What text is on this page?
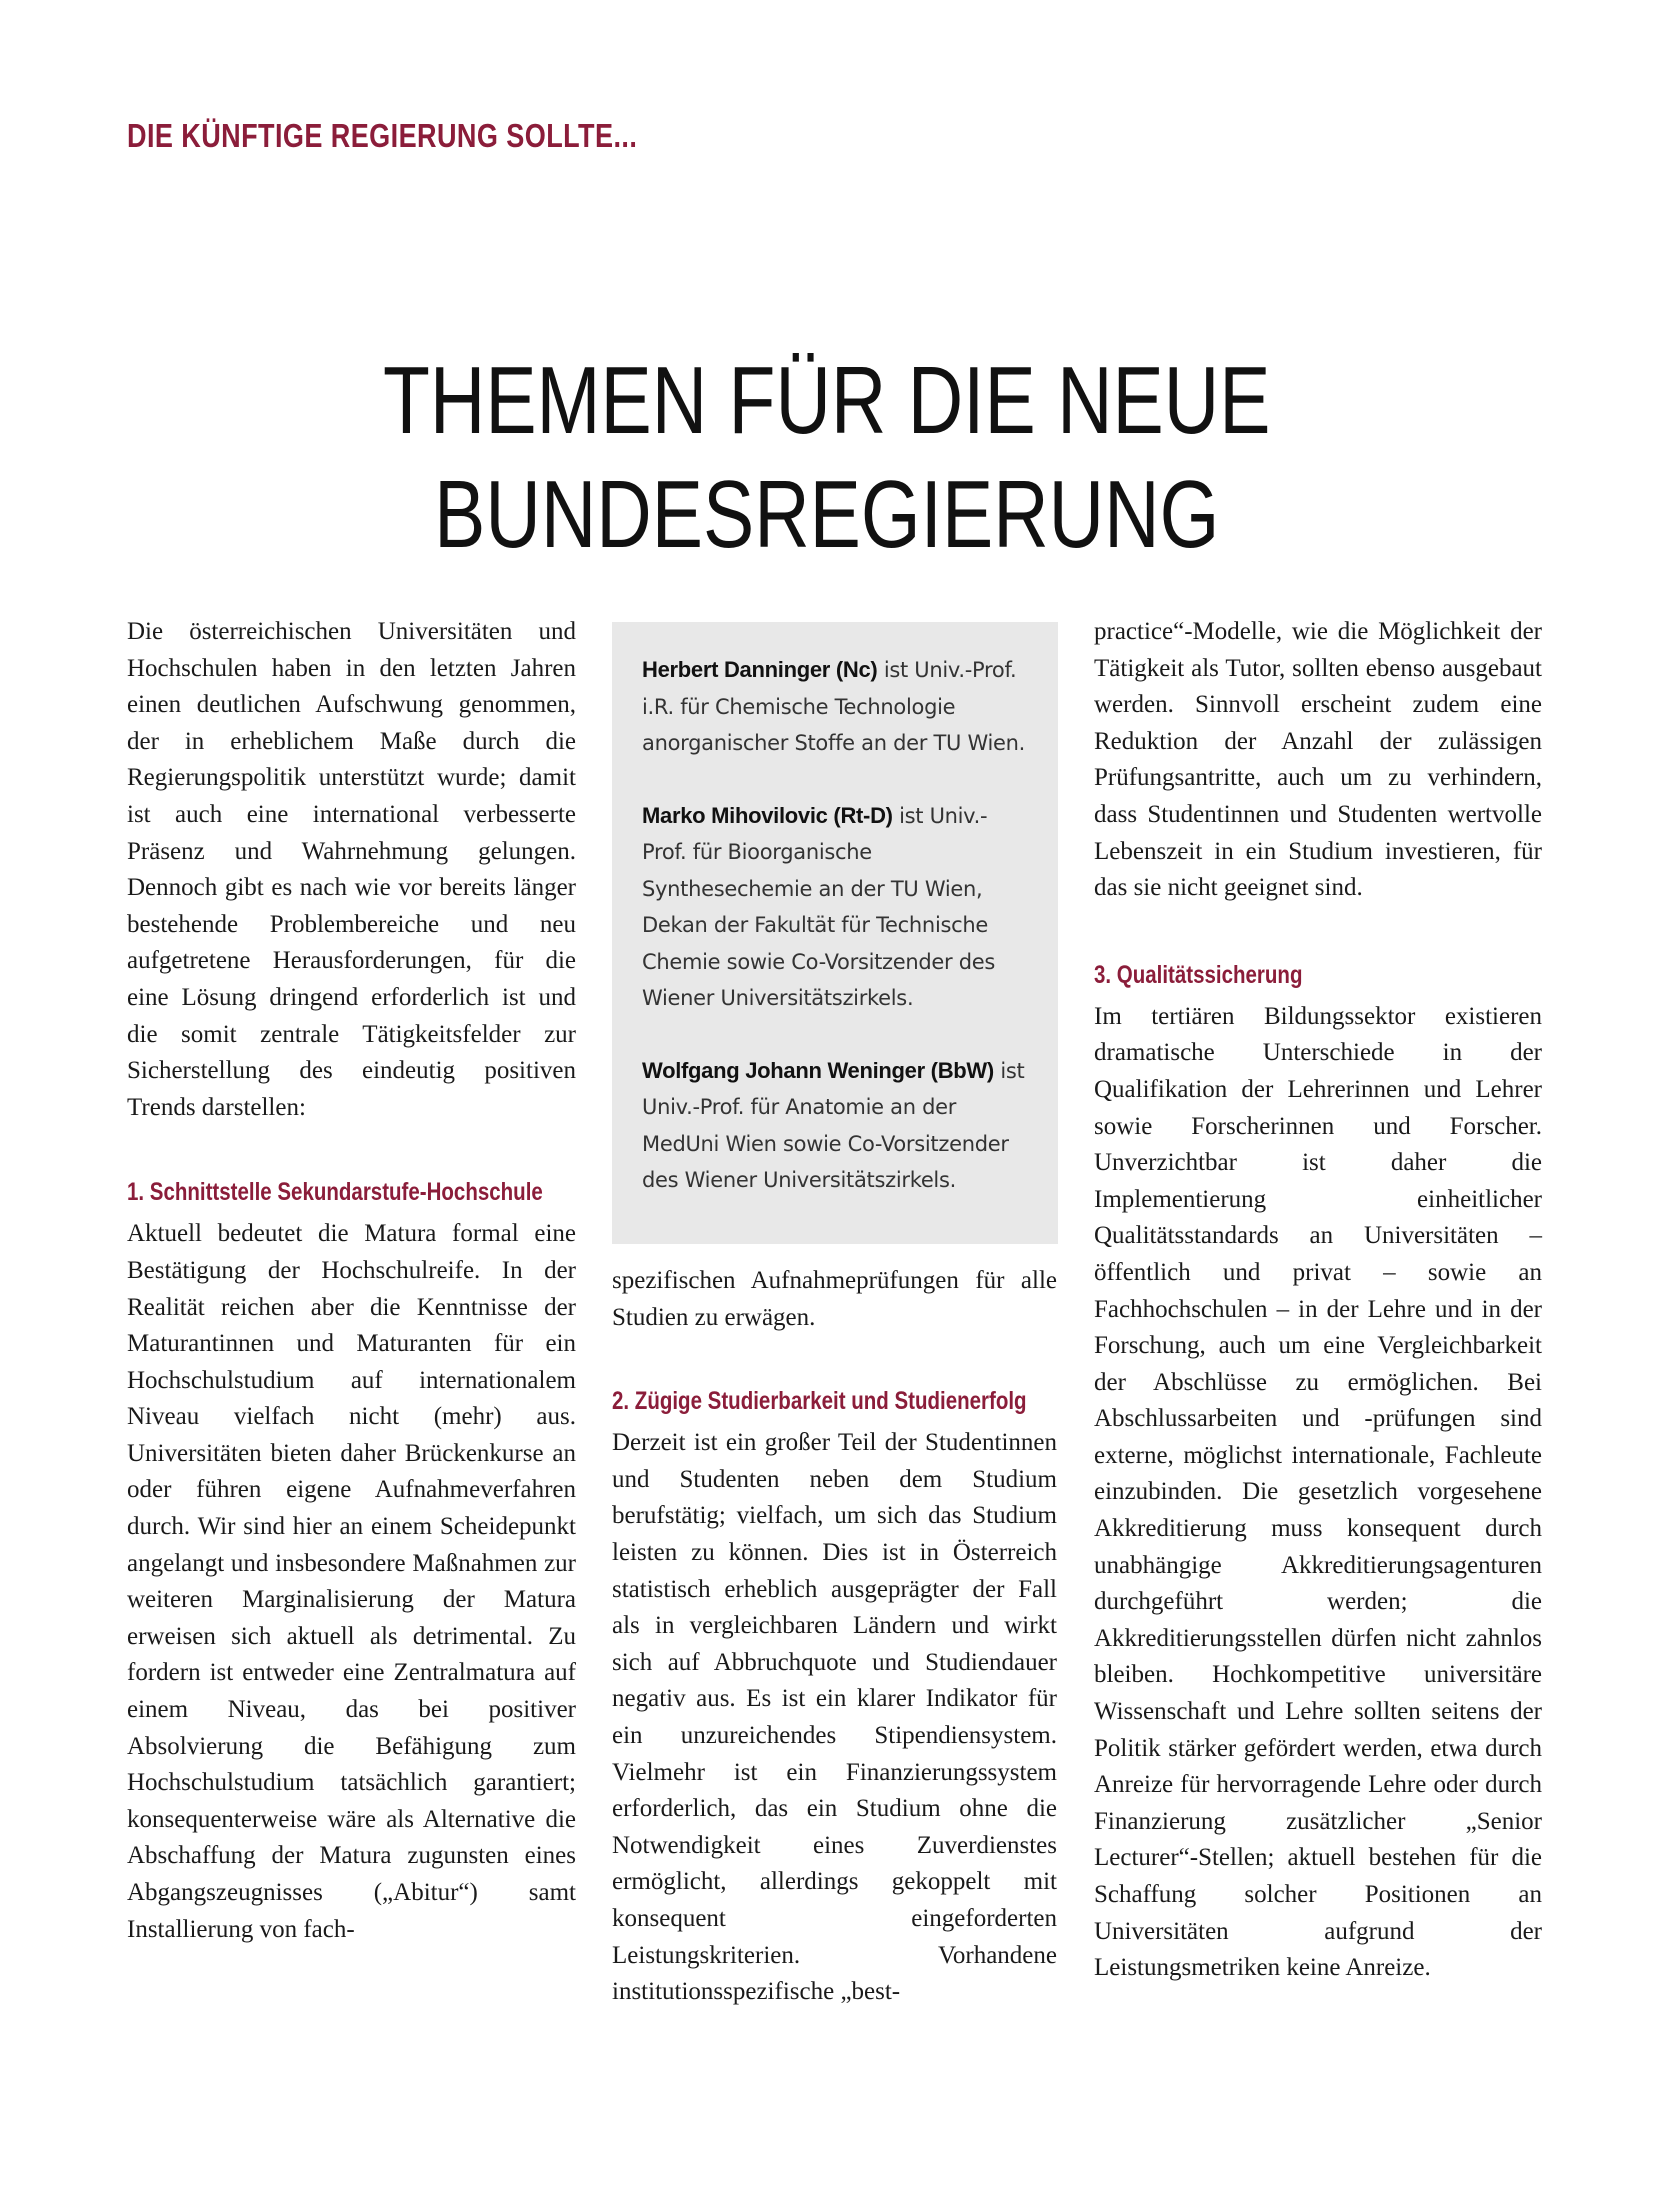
DIE KÜNFTIGE REGIERUNG SOLLTE...
THEMEN FÜR DIE NEUE
BUNDESREGIERUNG

Die österreichischen Universitäten und Hochschulen haben in den letzten Jahren einen deutlichen Aufschwung genommen, der in erheblichem Maße durch die Regierungspolitik unterstützt wurde; damit ist auch eine international verbesserte Präsenz und Wahrnehmung gelungen. Dennoch gibt es nach wie vor bereits länger bestehende Problembereiche und neu aufgetretene Herausforderungen, für die eine Lösung dringend erforderlich ist und die somit zentrale Tätigkeitsfelder zur Sicherstellung des eindeutig positiven Trends darstellen:

1. Schnittstelle Sekundarstufe-Hochschule

Aktuell bedeutet die Matura formal eine Bestätigung der Hochschulreife. In der Realität reichen aber die Kenntnisse der Maturantinnen und Maturanten für ein Hochschulstudium auf internationalem Niveau vielfach nicht (mehr) aus. Universitäten bieten daher Brückenkurse an oder führen eigene Aufnahmeverfahren durch. Wir sind hier an einem Scheidepunkt angelangt und insbesondere Maßnahmen zur weiteren Marginalisierung der Matura erweisen sich aktuell als detrimental. Zu fordern ist entweder eine Zentralmatura auf einem Niveau, das bei positiver Absolvierung die Befähigung zum Hochschulstudium tatsächlich garantiert; konsequenterweise wäre als Alternative die Abschaffung der Matura zugunsten eines Abgangszeugnisses („Abitur“) samt Installierung von fach-

Herbert Danninger (Nc) ist Univ.-Prof. i.R. für Chemische Technologie anorganischer Stoffe an der TU Wien.

Marko Mihovilovic (Rt-D) ist Univ.-Prof. für Bioorganische Synthesechemie an der TU Wien, Dekan der Fakultät für Technische Chemie sowie Co-Vorsitzender des Wiener Universitätszirkels.

Wolfgang Johann Weninger (BbW) ist Univ.-Prof. für Anatomie an der MedUni Wien sowie Co-Vorsitzender des Wiener Universitätszirkels.

spezifischen Aufnahmeprüfungen für alle Studien zu erwägen.

2. Zügige Studierbarkeit und Studienerfolg

Derzeit ist ein großer Teil der Studentinnen und Studenten neben dem Studium berufstätig; vielfach, um sich das Studium leisten zu können. Dies ist in Österreich statistisch erheblich ausgeprägter der Fall als in vergleichbaren Ländern und wirkt sich auf Abbruchquote und Studiendauer negativ aus. Es ist ein klarer Indikator für ein unzureichendes Stipendiensystem. Vielmehr ist ein Finanzierungssystem erforderlich, das ein Studium ohne die Notwendigkeit eines Zuverdienstes ermöglicht, allerdings gekoppelt mit konsequent eingeforderten Leistungskriterien. Vorhandene institutionsspezifische „best-

practice“-Modelle, wie die Möglichkeit der Tätigkeit als Tutor, sollten ebenso ausgebaut werden. Sinnvoll erscheint zudem eine Reduktion der Anzahl der zulässigen Prüfungsantritte, auch um zu verhindern, dass Studentinnen und Studenten wertvolle Lebenszeit in ein Studium investieren, für das sie nicht geeignet sind.

3. Qualitätssicherung

Im tertiären Bildungssektor existieren dramatische Unterschiede in der Qualifikation der Lehrerinnen und Lehrer sowie Forscherinnen und Forscher. Unverzichtbar ist daher die Implementierung einheitlicher Qualitätsstandards an Universitäten – öffentlich und privat – sowie an Fachhochschulen – in der Lehre und in der Forschung, auch um eine Vergleichbarkeit der Abschlüsse zu ermöglichen. Bei Abschlussarbeiten und -prüfungen sind externe, möglichst internationale, Fachleute einzubinden. Die gesetzlich vorgesehene Akkreditierung muss konsequent durch unabhängige Akkreditierungsagenturen durchgeführt werden; die Akkreditierungsstellen dürfen nicht zahnlos bleiben. Hochkompetitive universitäre Wissenschaft und Lehre sollten seitens der Politik stärker gefördert werden, etwa durch Anreize für hervorragende Lehre oder durch Finanzierung zusätzlicher „Senior Lecturer“-Stellen; aktuell bestehen für die Schaffung solcher Positionen an Universitäten aufgrund der Leistungsmetriken keine Anreize.
